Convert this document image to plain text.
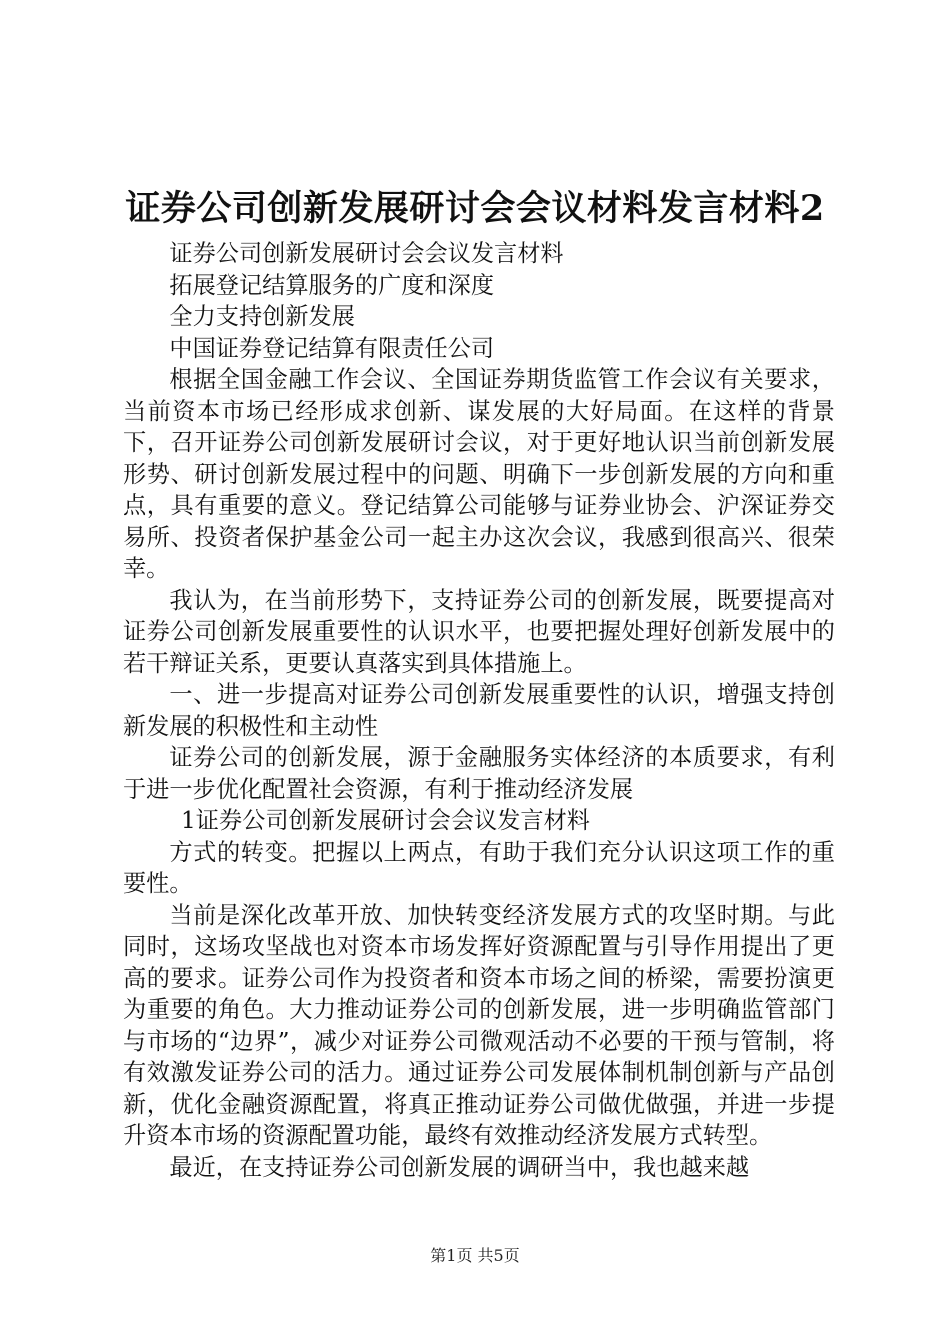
证券公司创新发展研讨会会议材料发言材料2

证券公司创新发展研讨会会议发言材料

拓展登记结算服务的广度和深度

全力支持创新发展

中国证券登记结算有限责任公司

根据全国金融工作会议、全国证券期货监管工作会议有关要求，当前资本市场已经形成求创新、谋发展的大好局面。在这样的背景下，召开证券公司创新发展研讨会议，对于更好地认识当前创新发展形势、研讨创新发展过程中的问题、明确下一步创新发展的方向和重点，具有重要的意义。登记结算公司能够与证券业协会、沪深证券交易所、投资者保护基金公司一起主办这次会议，我感到很高兴、很荣幸。

我认为，在当前形势下，支持证券公司的创新发展，既要提高对证券公司创新发展重要性的认识水平，也要把握处理好创新发展中的若干辩证关系，更要认真落实到具体措施上。

一、进一步提高对证券公司创新发展重要性的认识，增强支持创新发展的积极性和主动性

证券公司的创新发展，源于金融服务实体经济的本质要求，有利于进一步优化配置社会资源，有利于推动经济发展

1证券公司创新发展研讨会会议发言材料

方式的转变。把握以上两点，有助于我们充分认识这项工作的重要性。

当前是深化改革开放、加快转变经济发展方式的攻坚时期。与此同时，这场攻坚战也对资本市场发挥好资源配置与引导作用提出了更高的要求。证券公司作为投资者和资本市场之间的桥梁，需要扮演更为重要的角色。大力推动证券公司的创新发展，进一步明确监管部门与市场的“边界”，减少对证券公司微观活动不必要的干预与管制，将有效激发证券公司的活力。通过证券公司发展体制机制创新与产品创新，优化金融资源配置，将真正推动证券公司做优做强，并进一步提升资本市场的资源配置功能，最终有效推动经济发展方式转型。

最近，在支持证券公司创新发展的调研当中，我也越来越

第1页 共5页
